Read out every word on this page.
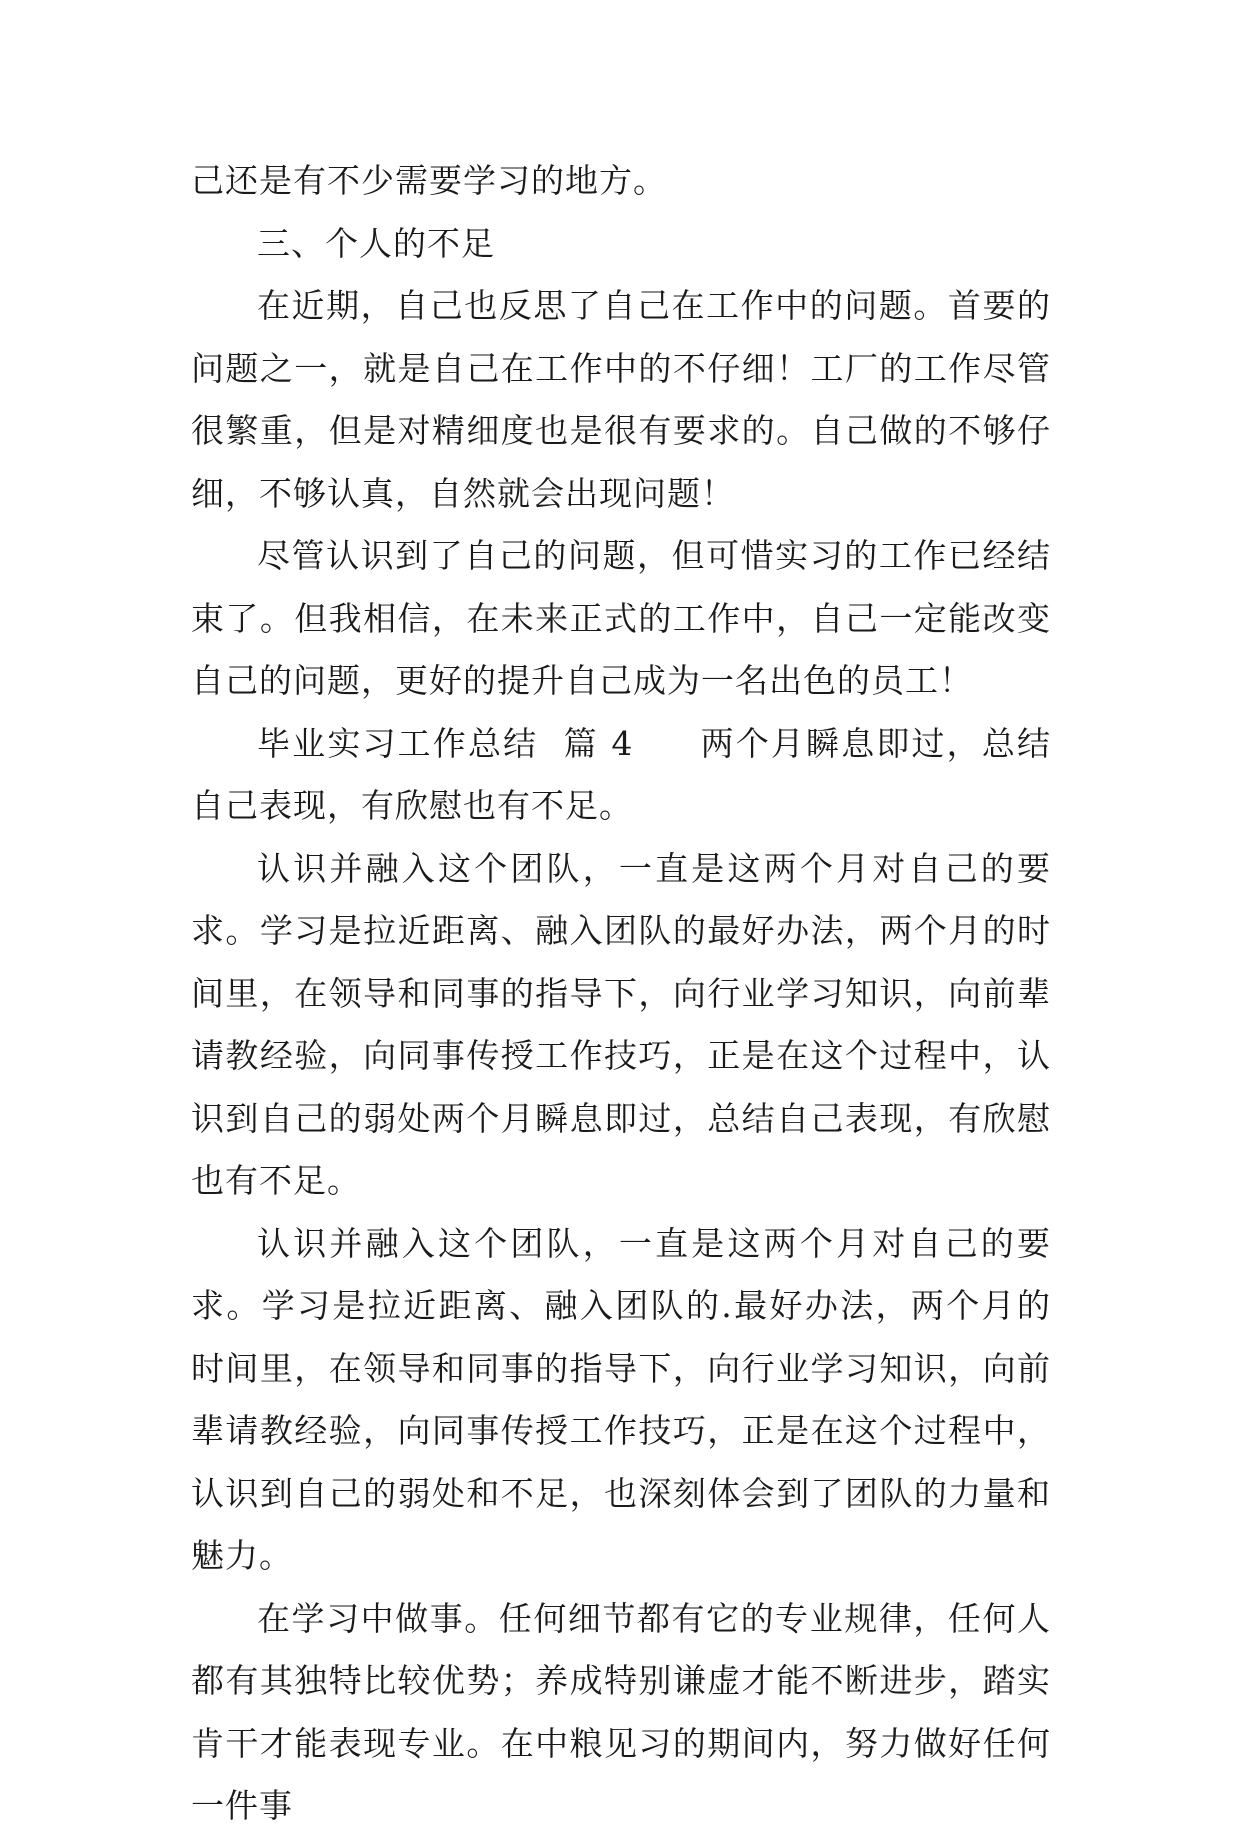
己还是有不少需要学习的地方。

三、个人的不足

在近期，自己也反思了自己在工作中的问题。首要的问题之一，就是自己在工作中的不仔细！工厂的工作尽管很繁重，但是对精细度也是很有要求的。自己做的不够仔细，不够认真，自然就会出现问题！

尽管认识到了自己的问题，但可惜实习的工作已经结束了。但我相信，在未来正式的工作中，自己一定能改变自己的问题，更好的提升自己成为一名出色的员工！

毕业实习工作总结 篇 4 两个月瞬息即过，总结自己表现，有欣慰也有不足。

认识并融入这个团队，一直是这两个月对自己的要求。学习是拉近距离、融入团队的最好办法，两个月的时间里，在领导和同事的指导下，向行业学习知识，向前辈请教经验，向同事传授工作技巧，正是在这个过程中，认识到自己的弱处两个月瞬息即过，总结自己表现，有欣慰也有不足。

认识并融入这个团队，一直是这两个月对自己的要求。学习是拉近距离、融入团队的.最好办法，两个月的时间里，在领导和同事的指导下，向行业学习知识，向前辈请教经验，向同事传授工作技巧，正是在这个过程中，认识到自己的弱处和不足，也深刻体会到了团队的力量和魅力。

在学习中做事。任何细节都有它的专业规律，任何人都有其独特比较优势；养成特别谦虚才能不断进步，踏实肯干才能表现专业。在中粮见习的期间内，努力做好任何一件事
